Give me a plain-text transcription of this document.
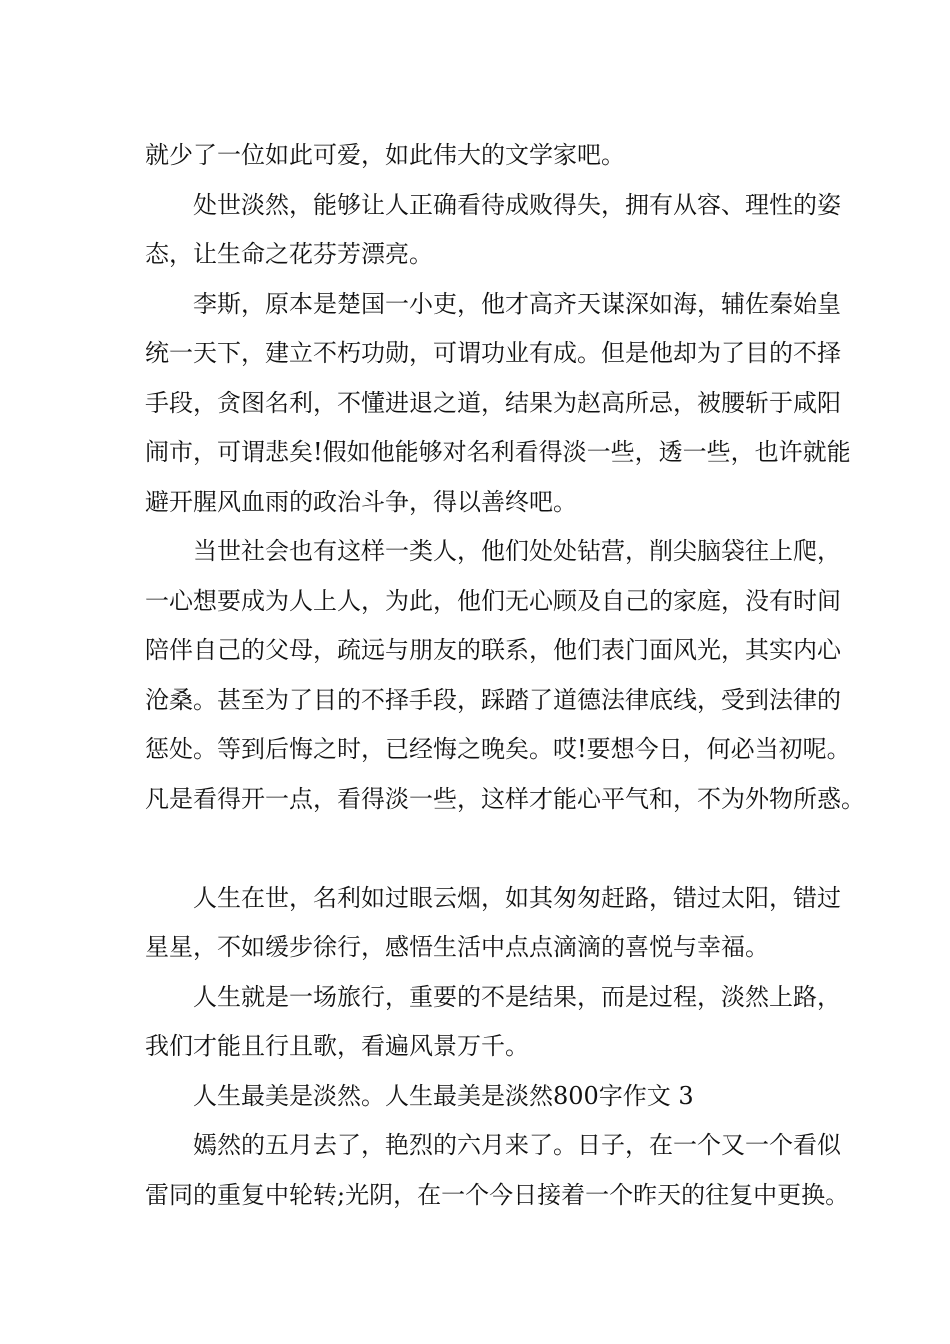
就少了一位如此可爱，如此伟大的文学家吧。
处世淡然，能够让人正确看待成败得失，拥有从容、理性的姿
态，让生命之花芬芳漂亮。
李斯，原本是楚国一小吏，他才高齐天谋深如海，辅佐秦始皇
统一天下，建立不朽功勋，可谓功业有成。但是他却为了目的不择
手段，贪图名利，不懂进退之道，结果为赵高所忌，被腰斩于咸阳
闹市，可谓悲矣!假如他能够对名利看得淡一些，透一些，也许就能
避开腥风血雨的政治斗争，得以善终吧。
当世社会也有这样一类人，他们处处钻营，削尖脑袋往上爬，
一心想要成为人上人，为此，他们无心顾及自己的家庭，没有时间
陪伴自己的父母，疏远与朋友的联系，他们表门面风光，其实内心
沧桑。甚至为了目的不择手段，踩踏了道德法律底线，受到法律的
惩处。等到后悔之时，已经悔之晚矣。哎!要想今日，何必当初呢。
凡是看得开一点，看得淡一些，这样才能心平气和，不为外物所惑。
人生在世，名利如过眼云烟，如其匆匆赶路，错过太阳，错过
星星，不如缓步徐行，感悟生活中点点滴滴的喜悦与幸福。
人生就是一场旅行，重要的不是结果，而是过程，淡然上路，
我们才能且行且歌，看遍风景万千。
人生最美是淡然。人生最美是淡然800字作文 3
嫣然的五月去了，艳烈的六月来了。日子，在一个又一个看似
雷同的重复中轮转;光阴，在一个今日接着一个昨天的往复中更换。
